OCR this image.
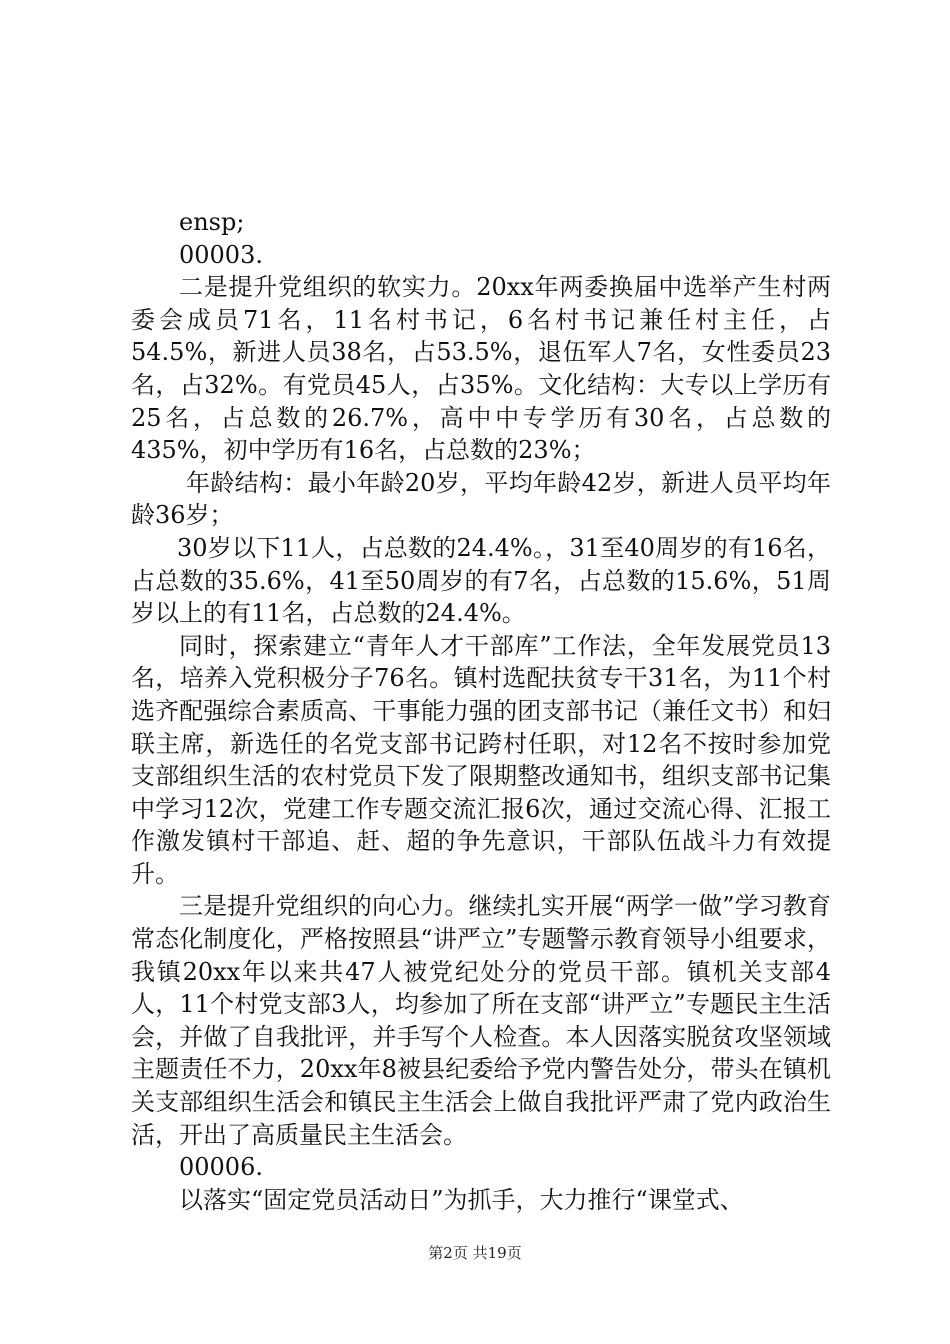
ensp;

00003.

二是提升党组织的软实力。20xx年两委换届中选举产生村两委会成员71名，11名村书记，6名村书记兼任村主任，占54.5%，新进人员38名，占53.5%，退伍军人7名，女性委员23名，占32%。有党员45人，占35%。文化结构：大专以上学历有25名，占总数的26.7%，高中中专学历有30名，占总数的435%，初中学历有16名，占总数的23%；

年龄结构：最小年龄20岁，平均年龄42岁，新进人员平均年龄36岁；

30岁以下11人，占总数的24.4%。，31至40周岁的有16名，占总数的35.6%，41至50周岁的有7名，占总数的15.6%，51周岁以上的有11名，占总数的24.4%。

同时，探索建立“青年人才干部库”工作法，全年发展党员13名，培养入党积极分子76名。镇村选配扶贫专干31名，为11个村选齐配强综合素质高、干事能力强的团支部书记（兼任文书）和妇联主席，新选任的名党支部书记跨村任职，对12名不按时参加党支部组织生活的农村党员下发了限期整改通知书，组织支部书记集中学习12次，党建工作专题交流汇报6次，通过交流心得、汇报工作激发镇村干部追、赶、超的争先意识，干部队伍战斗力有效提升。

三是提升党组织的向心力。继续扎实开展“两学一做”学习教育常态化制度化，严格按照县“讲严立”专题警示教育领导小组要求，我镇20xx年以来共47人被党纪处分的党员干部。镇机关支部4人，11个村党支部3人，均参加了所在支部“讲严立”专题民主生活会，并做了自我批评，并手写个人检查。本人因落实脱贫攻坚领域主题责任不力，20xx年8被县纪委给予党内警告处分，带头在镇机关支部组织生活会和镇民主生活会上做自我批评严肃了党内政治生活，开出了高质量民主生活会。

00006.

以落实“固定党员活动日”为抓手，大力推行“课堂式、

第2页 共19页
